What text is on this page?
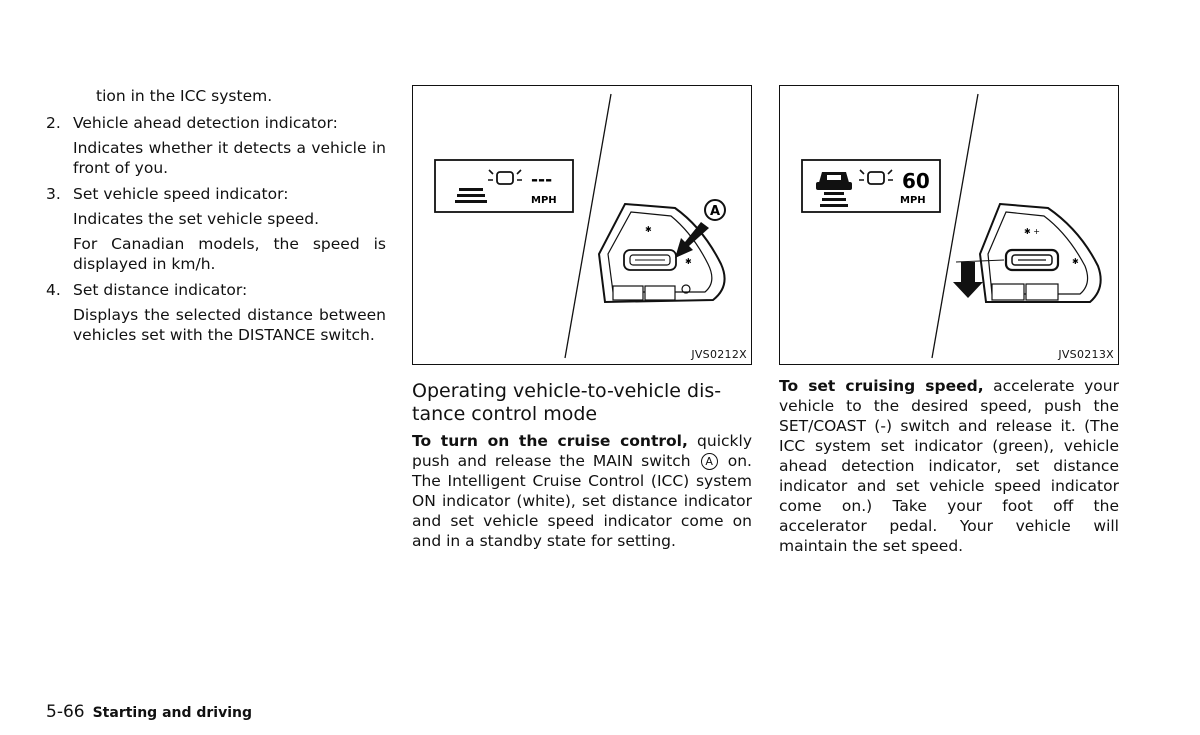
tion in the ICC system.

2. Vehicle ahead detection indicator:

Indicates whether it detects a vehicle in front of you.

3. Set vehicle speed indicator:

Indicates the set vehicle speed.

For Canadian models, the speed is displayed in km/h.

4. Set distance indicator:

Displays the selected distance between vehicles set with the DISTANCE switch.

---
MPH
✱
✱
A
JVS0212X
60
MPH
✱
✱ +
JVS0213X
Operating vehicle-to-vehicle dis-
tance control mode
To turn on the cruise control, quickly push and release the MAIN switch A on. The Intelligent Cruise Control (ICC) system ON indicator (white), set distance indicator and set vehicle speed indicator come on and in a standby state for setting.
To set cruising speed, accelerate your vehicle to the desired speed, push the SET/COAST (-) switch and release it. (The ICC system set indicator (green), vehicle ahead detection indicator, set distance indicator and set vehicle speed indicator come on.) Take your foot off the accelerator pedal. Your vehicle will maintain the set speed.
5-66 Starting and driving
